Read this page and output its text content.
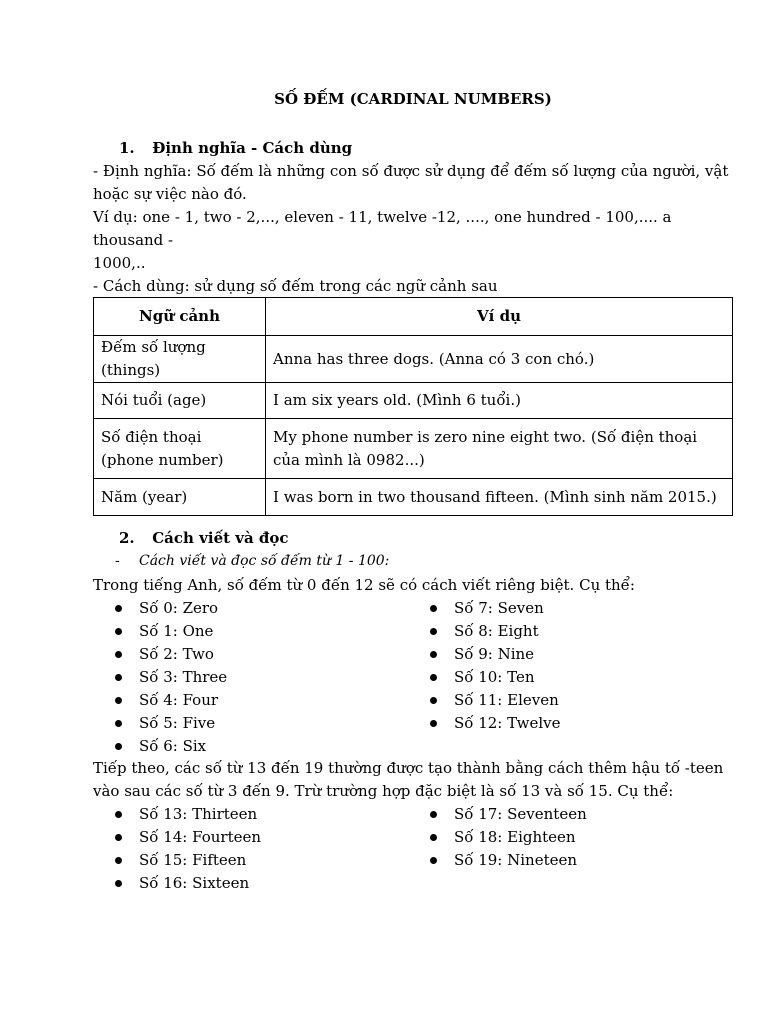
SỐ ĐẾM (CARDINAL NUMBERS)
1. Định nghĩa - Cách dùng
- Định nghĩa: Số đếm là những con số được sử dụng để đếm số lượng của người, vật
hoặc sự việc nào đó.
Ví dụ: one - 1, two - 2,..., eleven - 11, twelve -12, ...., one hundred - 100,.... a thousand -
1000,..
- Cách dùng: sử dụng số đếm trong các ngữ cảnh sau
Ngữ cảnh	Ví dụ
Đếm số lượng (things)	Anna has three dogs. (Anna có 3 con chó.)
Nói tuổi (age)	I am six years old. (Mình 6 tuổi.)
Số điện thoại (phone number)	My phone number is zero nine eight two. (Số điện thoại của mình là 0982...)
Năm (year)	I was born in two thousand fifteen. (Mình sinh năm 2015.)
2. Cách viết và đọc
- Cách viết và đọc số đếm từ 1 - 100:
Trong tiếng Anh, số đếm từ 0 đến 12 sẽ có cách viết riêng biệt. Cụ thể:
Số 0: Zero
Số 1: One
Số 2: Two
Số 3: Three
Số 4: Four
Số 5: Five
Số 6: Six
Số 7: Seven
Số 8: Eight
Số 9: Nine
Số 10: Ten
Số 11: Eleven
Số 12: Twelve
Tiếp theo, các số từ 13 đến 19 thường được tạo thành bằng cách thêm hậu tố -teen
vào sau các số từ 3 đến 9. Trừ trường hợp đặc biệt là số 13 và số 15. Cụ thể:
Số 13: Thirteen
Số 14: Fourteen
Số 15: Fifteen
Số 16: Sixteen
Số 17: Seventeen
Số 18: Eighteen
Số 19: Nineteen
